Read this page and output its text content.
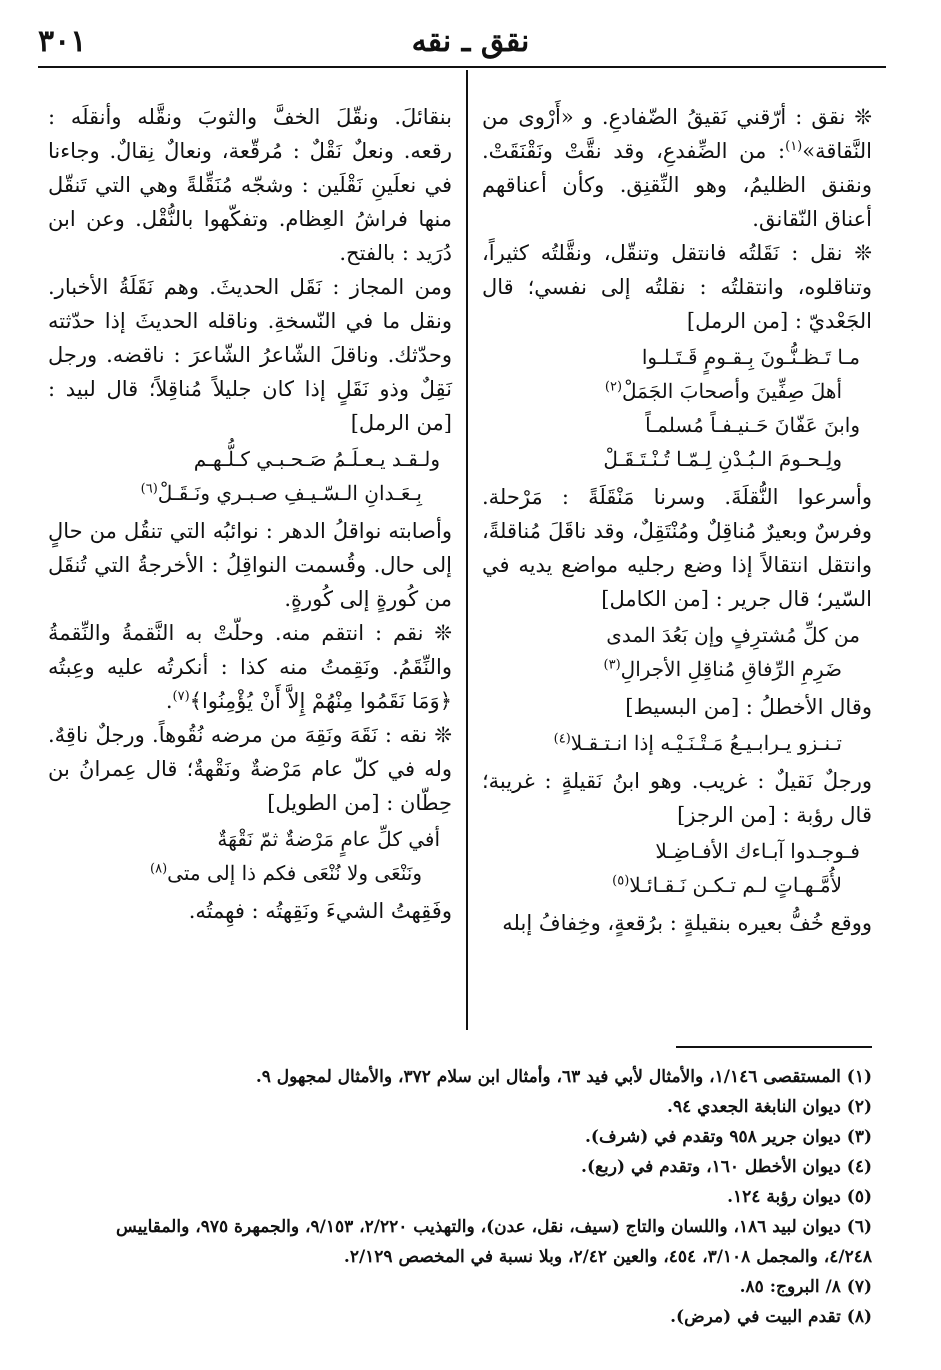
٣٠١	نقق ـ نقه

❊ نقق : أرّقني نَقيقُ الضّفادعِ. و «أَرْوى من النَّقاقة»$^{(١)}$: من الضِّفدعِ، وقد نقَّتْ ونَقْنَقَتْ. ونقنق الظليمُ، وهو النِّقنِق. وكأن أعناقهم أعناق النّقانق.

❊ نقل : نَقَلتُه فانتقل وتنقّل، ونقَّلتُه كثيراً، وتناقلوه، وانتقلتُه : نقلتُه إلى نفسي؛ قال الجَعْديّ : [من الرمل]

مـا تَـظـنُّـونَ بِـقـومٍ قَـتَـلـوا
أهلَ صِفِّينَ وأصحابَ الجَمَلْ$^{(٢)}$
وابنَ عَفّانَ حَـنيـفـاً مُسلمـاً
ولِـحـومَ الـبُـدْنِ لِـمّـا تُـنْـتَـقَـلْ

وأسرعوا النُّقلَةَ. وسرنا مَنْقَلَةً : مَرْحلة. وفرسٌ وبعيرٌ مُناقِلٌ ومُنْتَقِلٌ، وقد ناقَلَ مُناقلةً، وانتقل انتقالاً إذا وضع رجليه مواضع يديه في السّير؛ قال جرير : [من الكامل]

من كلِّ مُشترِفٍ وإن بَعُدَ المدى
ضَرِمِ الرِّفاقِ مُناقِلِ الأجرالِ$^{(٣)}$

وقال الأخطلُ : [من البسيط]

تـنـزو يـرابـيـعُ مَـتْـنَـيْـه إذا انـتـقـلا$^{(٤)}$

ورجلٌ نَقيلٌ : غريب. وهو ابنُ نَقيلةٍ : غريبة؛ قال رؤبة : [من الرجز]

فـوجـدوا آبـاءك الأفـاضِـلا
لأُمَّـهـاتٍ لـم تـكـن نَـقـائـلا$^{(٥)}$

ووقع خُفُّ بعيره بنقيلةٍ : برُقعةٍ، وخِفافُ إبله

بنقائلَ. ونقّلَ الخفَّ والثوبَ ونقَّله وأنقلَه : رقعه. ونعلٌ نَقْلٌ : مُرقّعة، ونعالٌ نِقالٌ. وجاءنا في نعلَينِ نَقْلَين : وشجّه مُنَقِّلةً وهي التي تَنقّل منها فراشُ العِظام. وتفكّهوا بالنُّقْل. وعن ابن دُرَيد : بالفتح.

ومن المجاز : نَقَل الحديثَ. وهم نَقَلَةُ الأخبار. ونقل ما في النّسخةِ. وناقله الحديثَ إذا حدّثته وحدّثك. وناقلَ الشّاعرُ الشّاعرَ : ناقضه. ورجل نَقِلٌ وذو نَقَلٍ إذا كان جليلاً مُناقِلاً؛ قال لبيد : [من الرمل]

ولـقـد يـعـلَـمُ صَـحـبـي كـلُّـهـم
بِـعَـدانِ الـسّـيـفِ صـبـري ونَـقَـلْ$^{(٦)}$

وأصابته نواقلُ الدهر : نوائبُه التي تنقُل من حالٍ إلى حال. وقُسمت النواقِلُ : الأخرجةُ التي تُنقَل من كُورةٍ إلى كُورةٍ.

❊ نقم : انتقم منه. وحلّتْ به النَّقمةُ والنِّقمةُ والنِّقَمُ. ونَقِمتُ منه كذا : أنكرتُه عليه وعِبتُه ﴿وَمَا نَقَمُوا مِنْهُمْ إِلاَّ أَنْ يُؤْمِنُوا﴾$^{(٧)}$.

❊ نقه : نَقَهَ ونَقِهَ من مرضه نُقُوهاً. ورجلٌ ناقِهٌ. وله في كلّ عام مَرْضةٌ ونَقْهةٌ؛ قال عِمرانُ بن حِطّان : [من الطويل]

أفي كلِّ عامٍ مَرْضةٌ ثمّ نَقْهَةٌ
ونَنْعَى ولا نُنْعَى فكم ذا إلى متى$^{(٨)}$

وفَقِهتُ الشيءَ ونَقِهتُه : فهِمتُه.

(١) المستقصى ١/١٤٦، والأمثال لأبي فيد ٦٣، وأمثال ابن سلام ٣٧٢، والأمثال لمجهول ٩.
(٢) ديوان النابغة الجعدي ٩٤.
(٣) ديوان جرير ٩٥٨ وتقدم في (شرف).
(٤) ديوان الأخطل ١٦٠، وتقدم في (ربع).
(٥) ديوان رؤبة ١٢٤.
(٦) ديوان لبيد ١٨٦، واللسان والتاج (سيف، نقل، عدن)، والتهذيب ٢/٢٢٠، ٩/١٥٣، والجمهرة ٩٧٥، والمقاييس
٤/٢٤٨، والمجمل ٣/١٠٨، ٤٥٤، والعين ٢/٤٢، وبلا نسبة في المخصص ٢/١٢٩.
(٧) ٨/ البروج: ٨٥.
(٨) تقدم البيت في (مرض).
